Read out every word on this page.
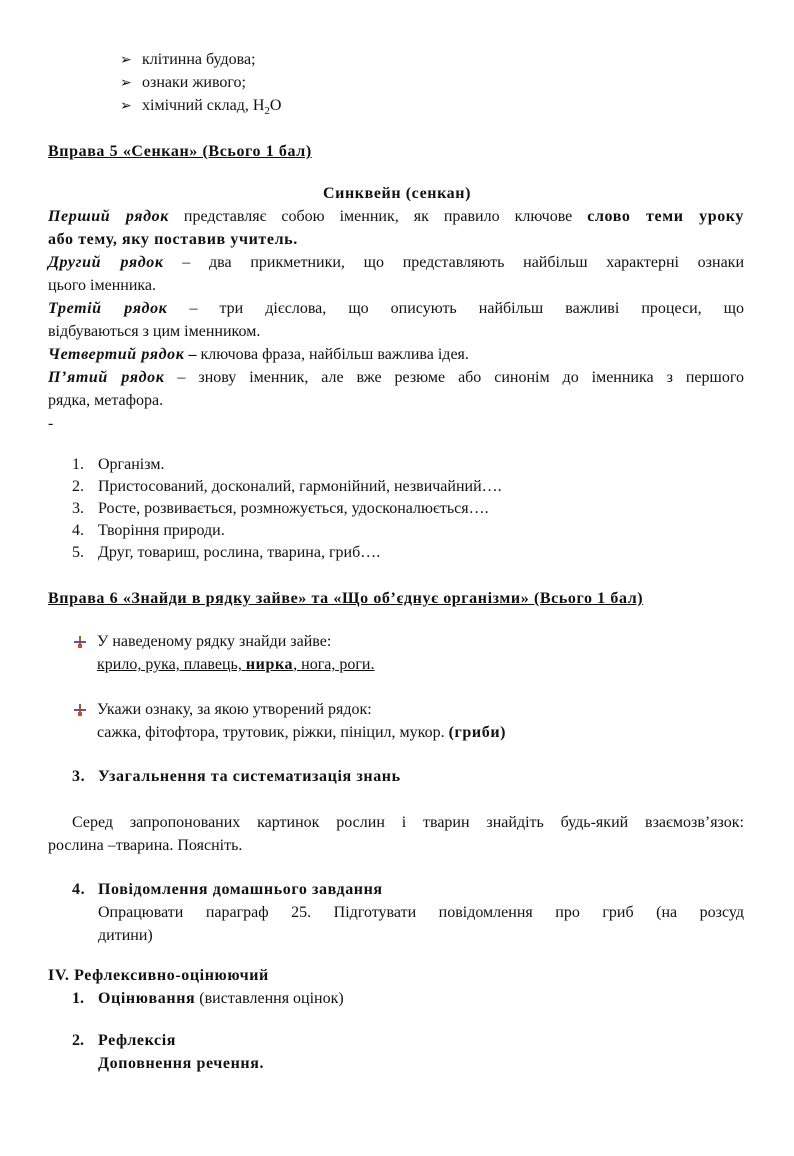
➢ клітинна будова;
➢ ознаки живого;
➢ хімічний склад, $H_2O$
Вправа 5 «Сенкан» (Всього 1 бал)
Синквейн (сенкан)
Перший рядок представляє собою іменник, як правило ключове слово теми уроку
або тему, яку поставив учитель.
Другий рядок – два прикметники, що представляють найбільш характерні ознаки
цього іменника.
Третій рядок – три дієслова, що описують найбільш важливі процеси, що
відбуваються з цим іменником.
Четвертий рядок – ключова фраза, найбільш важлива ідея.
П’ятий рядок – знову іменник, але вже резюме або синонім до іменника з першого
рядка, метафора.
-
1. Організм.
2. Пристосований, досконалий, гармонійний, незвичайний….
3. Росте, розвивається, розмножується, удосконалюється….
4. Творіння природи.
5. Друг, товариш, рослина, тварина, гриб….
Вправа 6 «Знайди в рядку зайве» та «Що об’єднує організми» (Всього 1 бал)
У наведеному рядку знайди зайве:
крило, рука, плавець, нирка, нога, роги.
Укажи ознаку, за якою утворений рядок:
сажка, фітофтора, трутовик, ріжки, пініцил, мукор. (гриби)
3. Узагальнення та систематизація знань
Серед запропонованих картинок рослин і тварин знайдіть будь-який взаємозв’язок:
рослина –тварина. Поясніть.
4. Повідомлення домашнього завдання
Опрацювати параграф 25. Підготувати повідомлення про гриб (на розсуд
дитини)
IV. Рефлексивно-оцінюючий
1. Оцінювання (виставлення оцінок)
2. Рефлексія
Доповнення речення.
